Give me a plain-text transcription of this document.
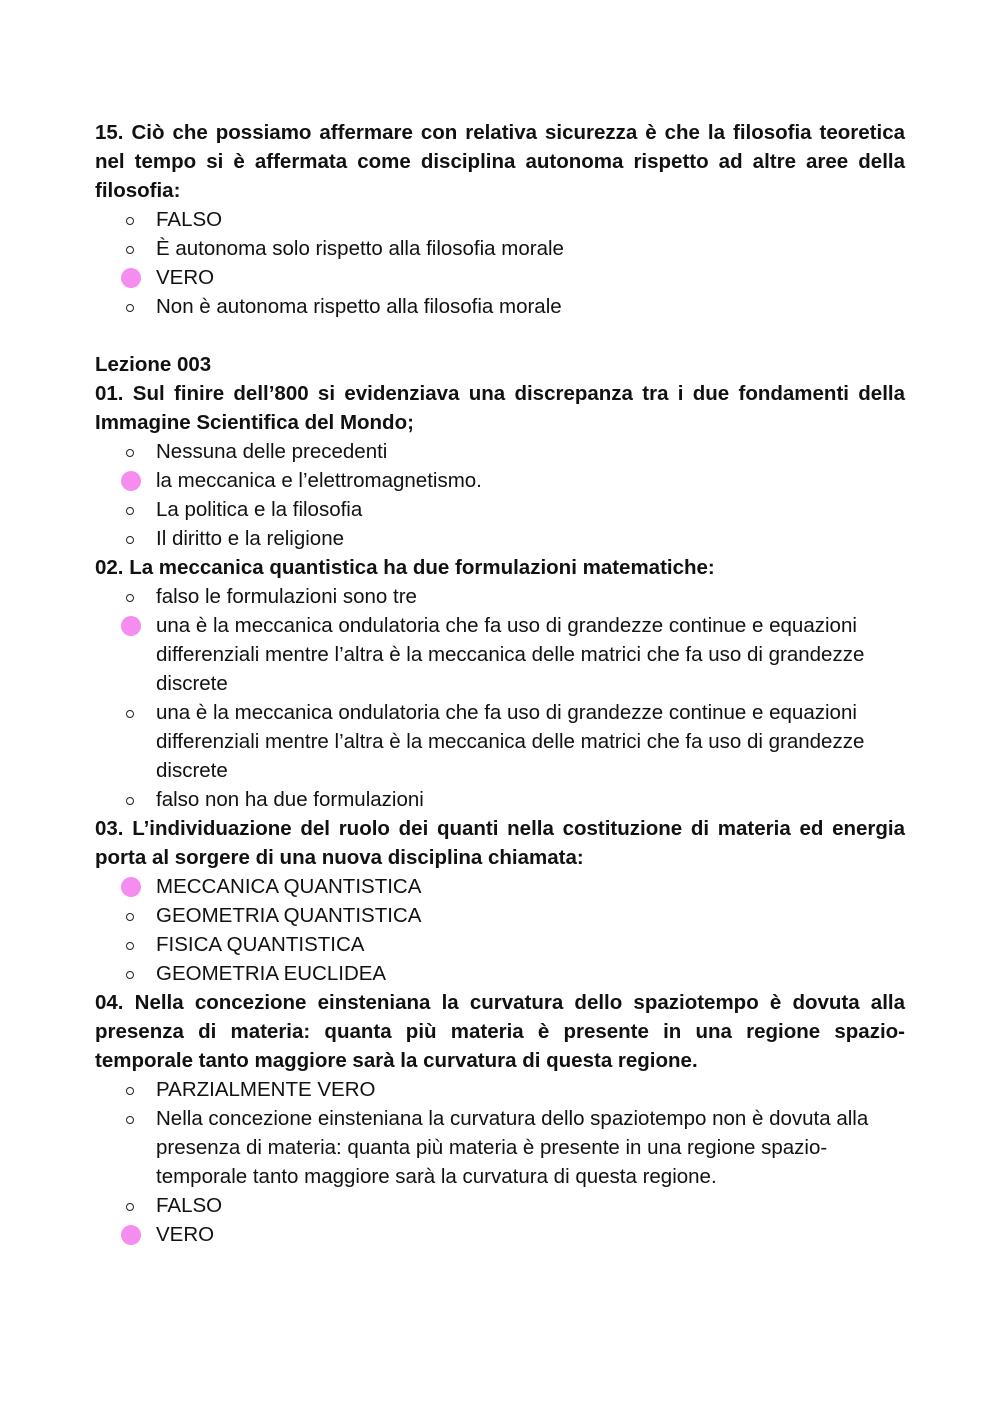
15. Ciò che possiamo affermare con relativa sicurezza è che la filosofia teoretica nel tempo si è affermata come disciplina autonoma rispetto ad altre aree della filosofia:
FALSO
È autonoma solo rispetto alla filosofia morale
VERO
Non è autonoma rispetto alla filosofia morale
Lezione 003
01. Sul finire dell’800 si evidenziava una discrepanza tra i due fondamenti della Immagine Scientifica del Mondo;
Nessuna delle precedenti
la meccanica e l’elettromagnetismo.
La politica e la filosofia
Il diritto e la religione
02. La meccanica quantistica ha due formulazioni matematiche:
falso le formulazioni sono tre
una è la meccanica ondulatoria che fa uso di grandezze continue e equazioni differenziali mentre l’altra è la meccanica delle matrici che fa uso di grandezze discrete
una è la meccanica ondulatoria che fa uso di grandezze continue e equazioni differenziali mentre l’altra è la meccanica delle matrici che fa uso di grandezze discrete
falso non ha due formulazioni
03. L’individuazione del ruolo dei quanti nella costituzione di materia ed energia porta al sorgere di una nuova disciplina chiamata:
MECCANICA QUANTISTICA
GEOMETRIA QUANTISTICA
FISICA QUANTISTICA
GEOMETRIA EUCLIDEA
04. Nella concezione einsteniana la curvatura dello spaziotempo è dovuta alla presenza di materia: quanta più materia è presente in una regione spazio-temporale tanto maggiore sarà la curvatura di questa regione.
PARZIALMENTE VERO
Nella concezione einsteniana la curvatura dello spaziotempo non è dovuta alla presenza di materia: quanta più materia è presente in una regione spazio-temporale tanto maggiore sarà la curvatura di questa regione.
FALSO
VERO
